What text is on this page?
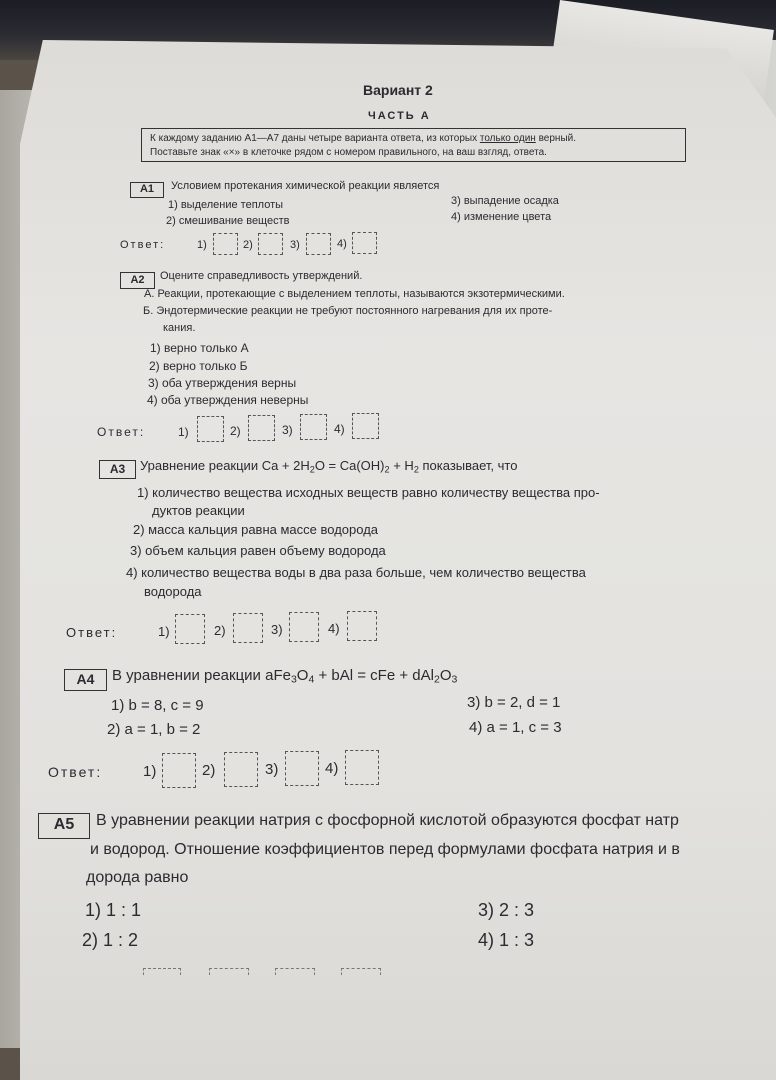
Вариант 2
ЧАСТЬ А
К каждому заданию А1—А7 даны четыре варианта ответа, из которых только один верный.
Поставьте знак «×» в клеточке рядом с номером правильного, на ваш взгляд, ответа.
A1	Условием протекания химической реакции является
1) выделение теплоты
2) смешивание веществ
3) выпадение осадка
4) изменение цвета
Ответ:	1)	2)	3)	4)
A2	Оцените справедливость утверждений.
А. Реакции, протекающие с выделением теплоты, называются экзотермическими.
Б. Эндотермические реакции не требуют постоянного нагревания для их проте-
кания.
1) верно только А
2) верно только Б
3) оба утверждения верны
4) оба утверждения неверны
Ответ:	1)	2)	3)	4)
A3	Уравнение реакции $Ca + 2H_2O = Ca(OH)_2 + H_2$ показывает, что
1) количество вещества исходных веществ равно количеству вещества про-
дуктов реакции
2) масса кальция равна массе водорода
3) объем кальция равен объему водорода
4) количество вещества воды в два раза больше, чем количество вещества
водорода
Ответ:	1)	2)	3)	4)
A4	В уравнении реакции $aFe_3O_4$ + bAl = cFe + $dAl_2O_3$
1) b = 8, c = 9
2) a = 1, b = 2
3) b = 2, d = 1
4) a = 1, c = 3
Ответ:	1)	2)	3)	4)
A5	В уравнении реакции натрия с фосфорной кислотой образуются фосфат натр
и водород. Отношение коэффициентов перед формулами фосфата натрия и в
дорода равно
1) 1 : 1
2) 1 : 2
3) 2 : 3
4) 1 : 3
